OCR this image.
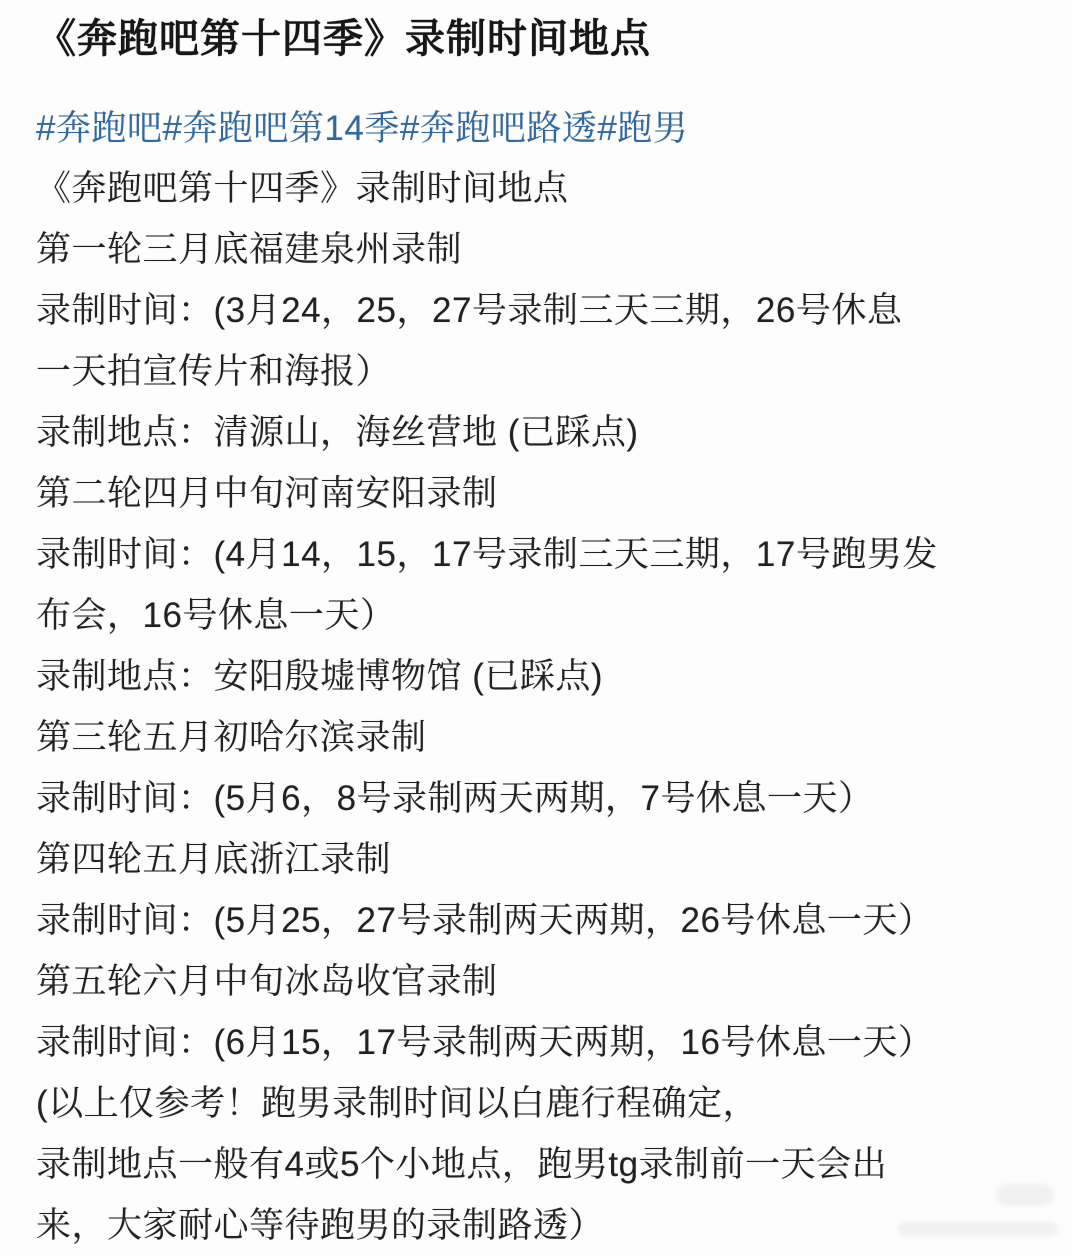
《奔跑吧第十四季》录制时间地点
#奔跑吧#奔跑吧第14季#奔跑吧路透#跑男
《奔跑吧第十四季》录制时间地点
第一轮三月底福建泉州录制
录制时间：(3月24，25，27号录制三天三期，26号休息
一天拍宣传片和海报）
录制地点：清源山，海丝营地 (已踩点)
第二轮四月中旬河南安阳录制
录制时间：(4月14，15，17号录制三天三期，17号跑男发
布会，16号休息一天）
录制地点：安阳殷墟博物馆 (已踩点)
第三轮五月初哈尔滨录制
录制时间：(5月6，8号录制两天两期，7号休息一天）
第四轮五月底浙江录制
录制时间：(5月25，27号录制两天两期，26号休息一天）
第五轮六月中旬冰岛收官录制
录制时间：(6月15，17号录制两天两期，16号休息一天）
(以上仅参考！跑男录制时间以白鹿行程确定，
录制地点一般有4或5个小地点，跑男tg录制前一天会出
来，大家耐心等待跑男的录制路透）
